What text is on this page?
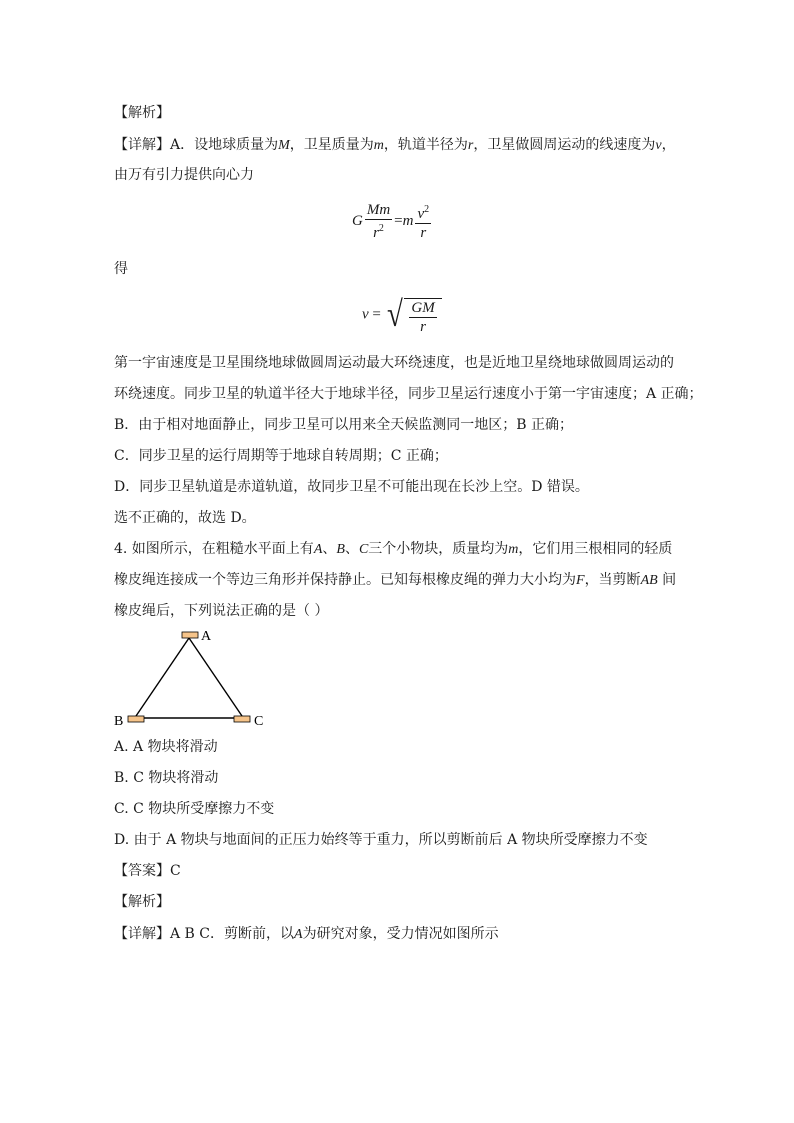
【解析】
【详解】A．设地球质量为M，卫星质量为m，轨道半径为r，卫星做圆周运动的线速度为v，
由万有引力提供向心力
G $\frac{Mm}{r^2} =m \frac{v^2}{r}$
得
v = √ $\frac{GM}{r}$
第一宇宙速度是卫星围绕地球做圆周运动最大环绕速度，也是近地卫星绕地球做圆周运动的
环绕速度。同步卫星的轨道半径大于地球半径，同步卫星运行速度小于第一宇宙速度；A 正确；
B．由于相对地面静止，同步卫星可以用来全天候监测同一地区；B 正确；
C．同步卫星的运行周期等于地球自转周期；C 正确；
D．同步卫星轨道是赤道轨道，故同步卫星不可能出现在长沙上空。D 错误。
选不正确的，故选 D。
4. 如图所示，在粗糙水平面上有A、B、C三个小物块，质量均为m，它们用三根相同的轻质
橡皮绳连接成一个等边三角形并保持静止。已知每根橡皮绳的弹力大小均为F，当剪断AB 间
橡皮绳后，下列说法正确的是（ ）
A
B	C
A. A 物块将滑动
B. C 物块将滑动
C. C 物块所受摩擦力不变
D. 由于 A 物块与地面间的正压力始终等于重力，所以剪断前后 A 物块所受摩擦力不变
【答案】C
【解析】
【详解】A B C．剪断前，以A为研究对象，受力情况如图所示
